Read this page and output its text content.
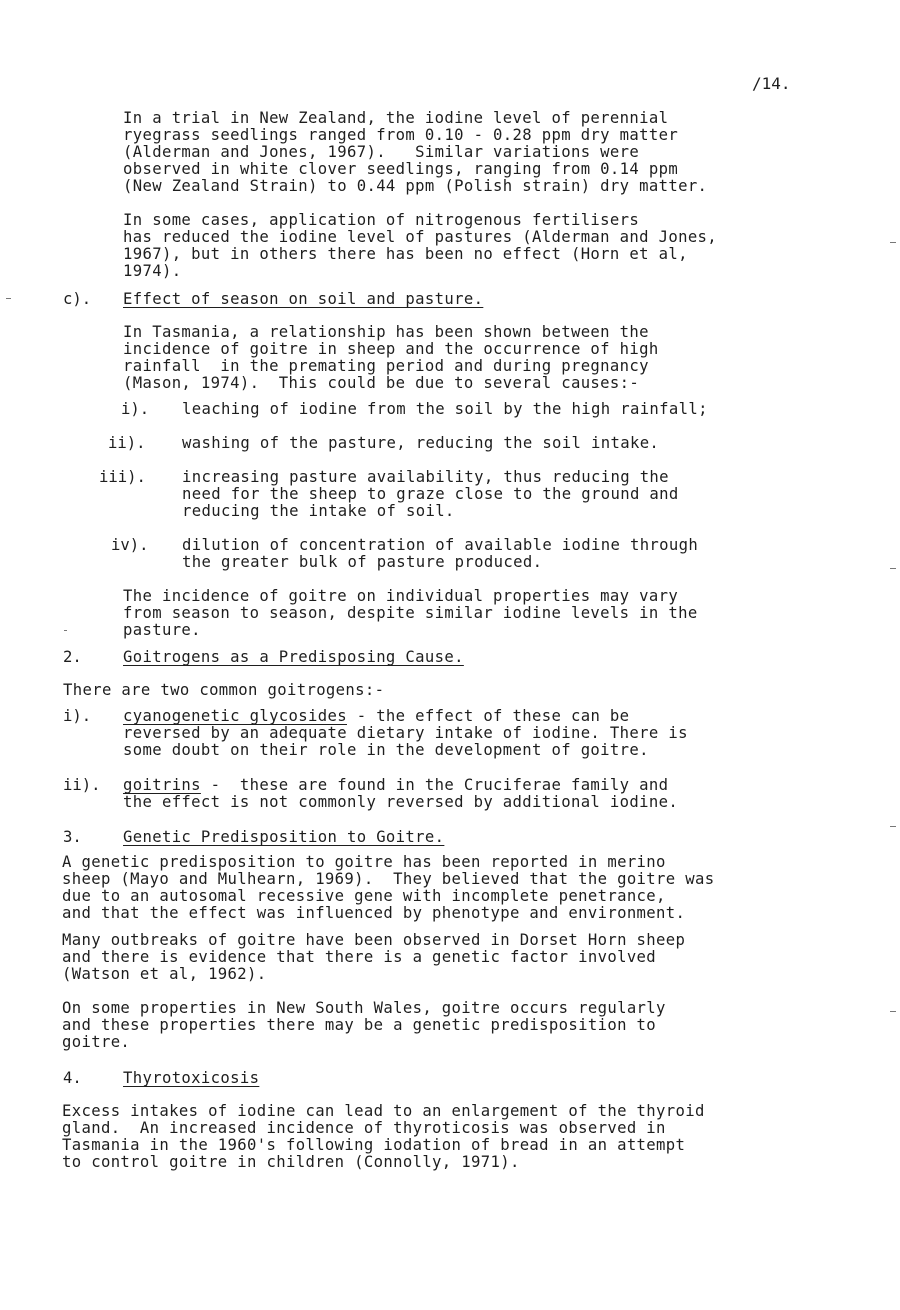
/14.
In a trial in New Zealand, the iodine level of perennial
ryegrass seedlings ranged from 0.10 - 0.28 ppm dry matter
(Alderman and Jones, 1967).   Similar variations were
observed in white clover seedlings, ranging from 0.14 ppm
(New Zealand Strain) to 0.44 ppm (Polish strain) dry matter.
In some cases, application of nitrogenous fertilisers
has reduced the iodine level of pastures (Alderman and Jones,
1967), but in others there has been no effect (Horn et al,
1974).
c). Effect of season on soil and pasture.
In Tasmania, a relationship has been shown between the
incidence of goitre in sheep and the occurrence of high
rainfall  in the premating period and during pregnancy
(Mason, 1974).  This could be due to several causes:-
i). leaching of iodine from the soil by the high rainfall;
ii). washing of the pasture, reducing the soil intake.
iii). increasing pasture availability, thus reducing the
need for the sheep to graze close to the ground and
reducing the intake of soil.
iv). dilution of concentration of available iodine through
the greater bulk of pasture produced.
The incidence of goitre on individual properties may vary
from season to season, despite similar iodine levels in the
pasture.
2.	Goitrogens as a Predisposing Cause.
There are two common goitrogens:-
i). cyanogenetic glycosides - the effect of these can be
reversed by an adequate dietary intake of iodine. There is
some doubt on their role in the development of goitre.
ii). goitrins -  these are found in the Cruciferae family and
the effect is not commonly reversed by additional iodine.
3.	Genetic Predisposition to Goitre.
A genetic predisposition to goitre has been reported in merino
sheep (Mayo and Mulhearn, 1969).  They believed that the goitre was
due to an autosomal recessive gene with incomplete penetrance,
and that the effect was influenced by phenotype and environment.
Many outbreaks of goitre have been observed in Dorset Horn sheep
and there is evidence that there is a genetic factor involved
(Watson et al, 1962).
On some properties in New South Wales, goitre occurs regularly
and these properties there may be a genetic predisposition to
goitre.
4.	Thyrotoxicosis
Excess intakes of iodine can lead to an enlargement of the thyroid
gland.  An increased incidence of thyroticosis was observed in
Tasmania in the 1960's following iodation of bread in an attempt
to control goitre in children (Connolly, 1971).
